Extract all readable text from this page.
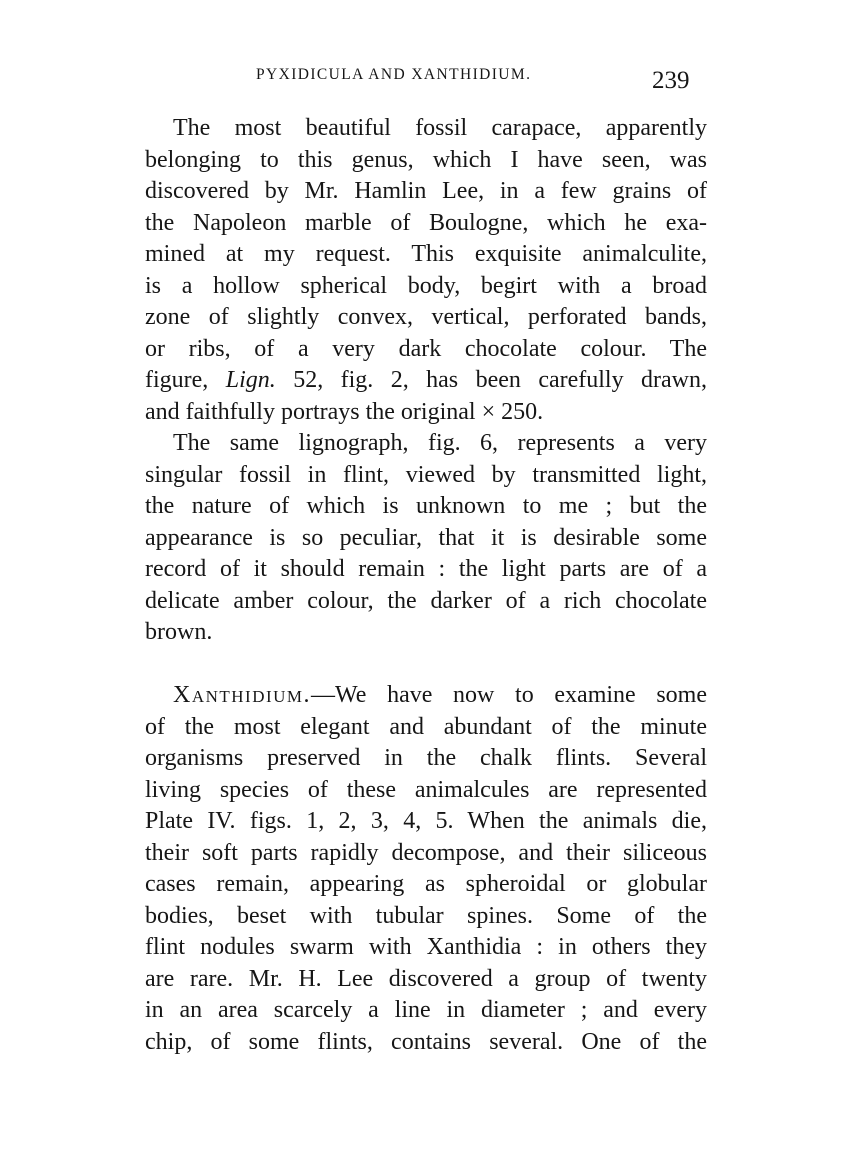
PYXIDICULA AND XANTHIDIUM.	239
The most beautiful fossil carapace, apparently
belonging to this genus, which I have seen, was
discovered by Mr. Hamlin Lee, in a few grains of
the Napoleon marble of Boulogne, which he exa-
mined at my request. This exquisite animalculite,
is a hollow spherical body, begirt with a broad
zone of slightly convex, vertical, perforated bands,
or ribs, of a very dark chocolate colour. The
figure, Lign. 52, fig. 2, has been carefully drawn,
and faithfully portrays the original × 250.
The same lignograph, fig. 6, represents a very
singular fossil in flint, viewed by transmitted light,
the nature of which is unknown to me ; but the
appearance is so peculiar, that it is desirable some
record of it should remain : the light parts are of a
delicate amber colour, the darker of a rich chocolate
brown.
Xanthidium.—We have now to examine some
of the most elegant and abundant of the minute
organisms preserved in the chalk flints. Several
living species of these animalcules are represented
Plate IV. figs. 1, 2, 3, 4, 5. When the animals die,
their soft parts rapidly decompose, and their siliceous
cases remain, appearing as spheroidal or globular
bodies, beset with tubular spines. Some of the
flint nodules swarm with Xanthidia : in others they
are rare. Mr. H. Lee discovered a group of twenty
in an area scarcely a line in diameter ; and every
chip, of some flints, contains several. One of the
